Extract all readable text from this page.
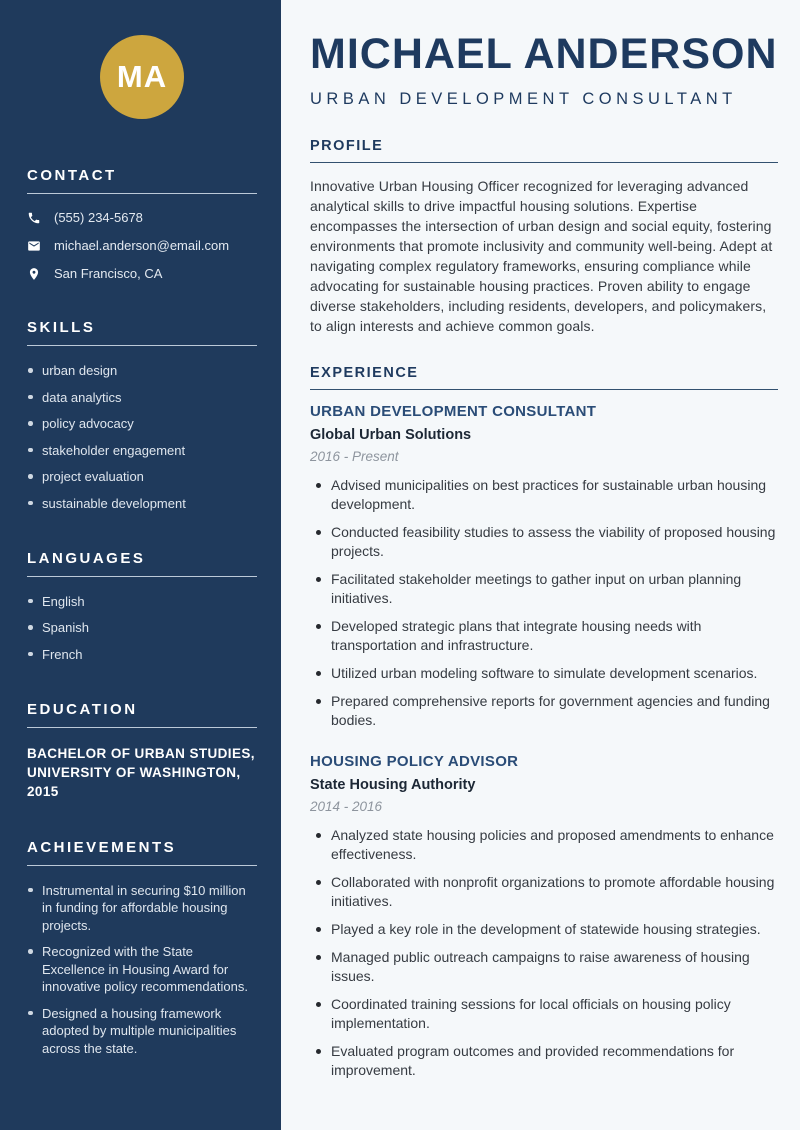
MA
CONTACT
(555) 234-5678
michael.anderson@email.com
San Francisco, CA
SKILLS
urban design
data analytics
policy advocacy
stakeholder engagement
project evaluation
sustainable development
LANGUAGES
English
Spanish
French
EDUCATION
BACHELOR OF URBAN STUDIES, UNIVERSITY OF WASHINGTON, 2015
ACHIEVEMENTS
Instrumental in securing $10 million in funding for affordable housing projects.
Recognized with the State Excellence in Housing Award for innovative policy recommendations.
Designed a housing framework adopted by multiple municipalities across the state.
MICHAEL ANDERSON
URBAN DEVELOPMENT CONSULTANT
PROFILE

Innovative Urban Housing Officer recognized for leveraging advanced analytical skills to drive impactful housing solutions. Expertise encompasses the intersection of urban design and social equity, fostering environments that promote inclusivity and community well-being. Adept at navigating complex regulatory frameworks, ensuring compliance while advocating for sustainable housing practices. Proven ability to engage diverse stakeholders, including residents, developers, and policymakers, to align interests and achieve common goals.

EXPERIENCE
URBAN DEVELOPMENT CONSULTANT
Global Urban Solutions
2016 - Present
Advised municipalities on best practices for sustainable urban housing development.
Conducted feasibility studies to assess the viability of proposed housing projects.
Facilitated stakeholder meetings to gather input on urban planning initiatives.
Developed strategic plans that integrate housing needs with transportation and infrastructure.
Utilized urban modeling software to simulate development scenarios.
Prepared comprehensive reports for government agencies and funding bodies.
HOUSING POLICY ADVISOR
State Housing Authority
2014 - 2016
Analyzed state housing policies and proposed amendments to enhance effectiveness.
Collaborated with nonprofit organizations to promote affordable housing initiatives.
Played a key role in the development of statewide housing strategies.
Managed public outreach campaigns to raise awareness of housing issues.
Coordinated training sessions for local officials on housing policy implementation.
Evaluated program outcomes and provided recommendations for improvement.
